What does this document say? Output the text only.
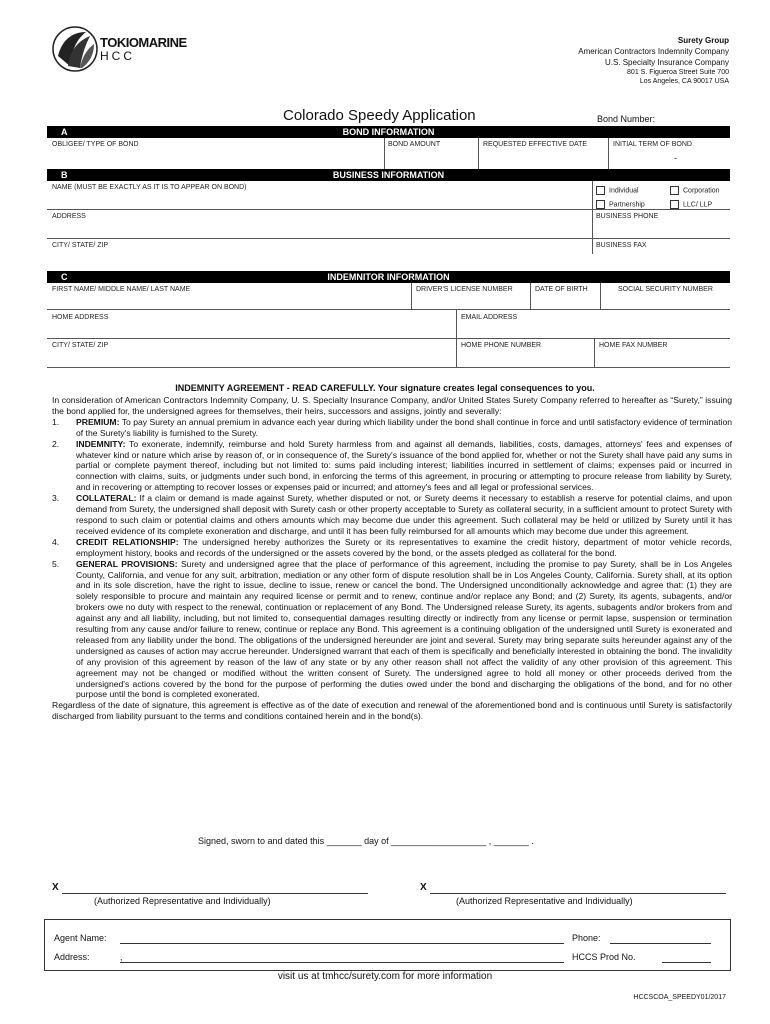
TOKIOMARINE
HCC
Surety Group
American Contractors Indemnity Company
U.S. Specialty Insurance Company
801 S. Figueroa Street Suite 700
Los Angeles, CA 90017 USA
Colorado Speedy Application	Bond Number:
A	BOND INFORMATION
OBLIGEE/ TYPE OF BOND	BOND AMOUNT	REQUESTED EFFECTIVE DATE	INITIAL TERM OF BOND
-
B	BUSINESS INFORMATION
NAME (MUST BE EXACTLY AS IT IS TO APPEAR ON BOND)	Individual	Corporation
Partnership	LLC/ LLP
ADDRESS	BUSINESS PHONE
CITY/ STATE/ ZIP	BUSINESS FAX
C	INDEMNITOR INFORMATION
FIRST NAME/ MIDDLE NAME/ LAST NAME	DRIVER'S LICENSE NUMBER	DATE OF BIRTH	SOCIAL SECURITY NUMBER
HOME ADDRESS	EMAIL ADDRESS
CITY/ STATE/ ZIP	HOME PHONE NUMBER	HOME FAX NUMBER
INDEMNITY AGREEMENT - READ CAREFULLY. Your signature creates legal consequences to you.

In consideration of American Contractors Indemnity Company, U. S. Specialty Insurance Company, and/or United States Surety Company referred to hereafter as “Surety,” issuing the bond applied for, the undersigned agrees for themselves, their heirs, successors and assigns, jointly and severally:

1. PREMIUM: To pay Surety an annual premium in advance each year during which liability under the bond shall continue in force and until satisfactory evidence of termination of the Surety's liability is furnished to the Surety.
2. INDEMNITY: To exonerate, indemnify, reimburse and hold Surety harmless from and against all demands, liabilities, costs, damages, attorneys' fees and expenses of whatever kind or nature which arise by reason of, or in consequence of, the Surety's issuance of the bond applied for, whether or not the Surety shall have paid any sums in partial or complete payment thereof, including but not limited to: sums paid including interest; liabilities incurred in settlement of claims; expenses paid or incurred in connection with claims, suits, or judgments under such bond, in enforcing the terms of this agreement, in procuring or attempting to procure release from liability by Surety, and in recovering or attempting to recover losses or expenses paid or incurred; and attorney's fees and all legal or professional services.
3. COLLATERAL: If a claim or demand is made against Surety, whether disputed or not, or Surety deems it necessary to establish a reserve for potential claims, and upon demand from Surety, the undersigned shall deposit with Surety cash or other property acceptable to Surety as collateral security, in a sufficient amount to protect Surety with respond to such claim or potential claims and others amounts which may become due under this agreement. Such collateral may be held or utilized by Surety until it has received evidence of its complete exoneration and discharge, and until it has been fully reimbursed for all amounts which may become due under this agreement.
4. CREDIT RELATIONSHIP: The undersigned hereby authorizes the Surety or its representatives to examine the credit history, department of motor vehicle records, employment history, books and records of the undersigned or the assets covered by the bond, or the assets pledged as collateral for the bond.
5. GENERAL PROVISIONS: Surety and undersigned agree that the place of performance of this agreement, including the promise to pay Surety, shall be in Los Angeles County, California, and venue for any suit, arbitration, mediation or any other form of dispute resolution shall be in Los Angeles County, California. Surety shall, at its option and in its sole discretion, have the right to issue, decline to issue, renew or cancel the bond. The Undersigned unconditionally acknowledge and agree that: (1) they are solely responsible to procure and maintain any required license or permit and to renew, continue and/or replace any Bond; and (2) Surety, its agents, subagents, and/or brokers owe no duty with respect to the renewal, continuation or replacement of any Bond. The Undersigned release Surety, its agents, subagents and/or brokers from and against any and all liability, including, but not limited to, consequential damages resulting directly or indirectly from any license or permit lapse, suspension or termination resulting from any cause and/or failure to renew, continue or replace any Bond. This agreement is a continuing obligation of the undersigned until Surety is exonerated and released from any liability under the bond. The obligations of the undersigned hereunder are joint and several. Surety may bring separate suits hereunder against any of the undersigned as causes of action may accrue hereunder. Undersigned warrant that each of them is specifically and beneficially interested in obtaining the bond. The invalidity of any provision of this agreement by reason of the law of any state or by any other reason shall not affect the validity of any other provision of this agreement. This agreement may not be changed or modified without the written consent of Surety. The undersigned agree to hold all money or other proceeds derived from the undersigned's actions covered by the bond for the purpose of performing the duties owed under the bond and discharging the obligations of the bond, and for no other purpose until the bond is completed exonerated.

Regardless of the date of signature, this agreement is effective as of the date of execution and renewal of the aforementioned bond and is continuous until Surety is satisfactorily discharged from liability pursuant to the terms and conditions contained herein and in the bond(s).

Signed, sworn to and dated this _______ day of ___________________ , _______ .
X
(Authorized Representative and Individually)
X
(Authorized Representative and Individually)
Agent Name:	Phone:
Address:	,	HCCS Prod No.
visit us at tmhcc/surety.com for more information
HCCSCOA_SPEEDY01/2017
